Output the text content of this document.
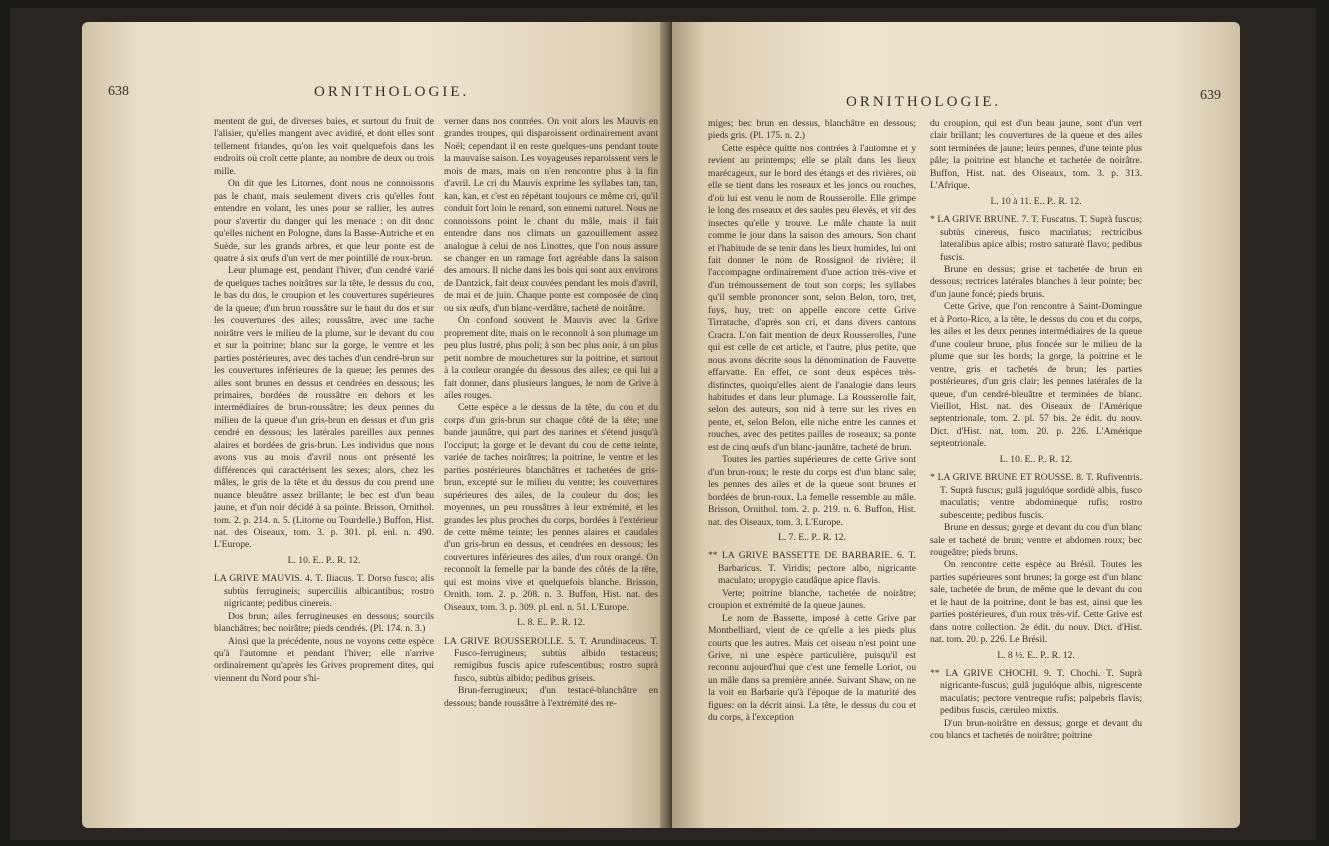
638	ORNITHOLOGIE.

mentent de gui, de diverses baies, et surtout du fruit de l'alisier, qu'elles mangent avec avidité, et dont elles sont tellement friandes, qu'on les voit quelquefois dans les endroits où croît cette plante, au nombre de deux ou trois mille.

On dit que les Litornes, dont nous ne connoissons pas le chant, mais seulement divers cris qu'elles font entendre en volant, les unes pour se rallier, les autres pour s'avertir du danger qui les menace : on dit donc qu'elles nichent en Pologne, dans la Basse-Autriche et en Suède, sur les grands arbres, et que leur ponte est de quatre à six œufs d'un vert de mer pointillé de roux-brun.

Leur plumage est, pendant l'hiver, d'un cendré varié de quelques taches noirâtres sur la tête, le dessus du cou, le bas du dos, le croupion et les couvertures supérieures de la queue; d'un brun roussâtre sur le haut du dos et sur les couvertures des ailes; roussâtre, avec une tache noirâtre vers le milieu de la plume, sur le devant du cou et sur la poitrine; blanc sur la gorge, le ventre et les parties postérieures, avec des taches d'un cendré-brun sur les couvertures inférieures de la queue; les pennes des ailes sont brunes en dessus et cendrées en dessous; les primaires, bordées de roussâtre en dehors et les intermédiaires de brun-roussâtre; les deux pennes du milieu de la queue d'un gris-brun en dessus et d'un gris cendré en dessous; les latérales pareilles aux pennes alaires et bordées de gris-brun. Les individus que nous avons vus au mois d'avril nous ont présenté les différences qui caractérisent les sexes; alors, chez les mâles, le gris de la tête et du dessus du cou prend une nuance bleuâtre assez brillante; le bec est d'un beau jaune, et d'un noir décidé à sa pointe. Brisson, Ornithol. tom. 2. p. 214. n. 5. (Litorne ou Tourdelle.) Buffon, Hist. nat. des Oiseaux, tom. 3. p. 301. pl. enl. n. 490. L'Europe.

L. 10. E.. P.. R. 12.

LA GRIVE MAUVIS. 4. T. Iliacus. T. Dorso fusco; alis subtùs ferrugineis; superciliis albicantibus; rostro nigricante; pedibus cinereis.

Dos brun; ailes ferrugineuses en dessous; sourcils blanchâtres; bec noirâtre; pieds cendrés. (Pl. 174. n. 3.)

Ainsi que la précédente, nous ne voyons cette espèce qu'à l'automne et pendant l'hiver; elle n'arrive ordinairement qu'après les Grives proprement dites, qui viennent du Nord pour s'hi-

verner dans nos contrées. On voit alors les Mauvis en grandes troupes, qui disparoissent ordinairement avant Noël; cependant il en reste quelques-uns pendant toute la mauvaise saison. Les voyageuses reparoissent vers le mois de mars, mais on n'en rencontre plus à la fin d'avril. Le cri du Mauvis exprime les syllabes tan, tan, kan, kan, et c'est en répétant toujours ce même cri, qu'il conduit fort loin le renard, son ennemi naturel. Nous ne connoissons point le chant du mâle, mais il fait entendre dans nos climats un gazouillement assez analogue à celui de nos Linottes, que l'on nous assure se changer en un ramage fort agréable dans la saison des amours. Il niche dans les bois qui sont aux environs de Dantzick, fait deux couvées pendant les mois d'avril, de mai et de juin. Chaque ponte est composée de cinq ou six œufs, d'un blanc-verdâtre, tacheté de noirâtre.

On confond souvent le Mauvis avec la Grive proprement dite, mais on le reconnoît à son plumage un peu plus lustré, plus poli; à son bec plus noir, à un plus petit nombre de mouchetures sur la poitrine, et surtout à la couleur orangée du dessous des ailes; ce qui lui a fait donner, dans plusieurs langues, le nom de Grive à ailes rouges.

Cette espèce a le dessus de la tête, du cou et du corps d'un gris-brun sur chaque côté de la tête; une bande jaunâtre, qui part des narines et s'étend jusqu'à l'occiput; la gorge et le devant du cou de cette teinte, variée de taches noirâtres; la poitrine, le ventre et les parties postérieures blanchâtres et tachetées de gris-brun, excepté sur le milieu du ventre; les couvertures supérieures des ailes, de la couleur du dos; les moyennes, un peu roussâtres à leur extrémité, et les grandes les plus proches du corps, bordées à l'extérieur de cette même teinte; les pennes alaires et caudales d'un gris-brun en dessus, et cendrées en dessous; les couvertures inférieures des ailes, d'un roux orangé. On reconnoît la femelle par la bande des côtés de la tête, qui est moins vive et quelquefois blanche. Brisson, Ornith. tom. 2. p. 208. n. 3. Buffon, Hist. nat. des Oiseaux, tom. 3. p. 309. pl. enl. n. 51. L'Europe.

L. 8. E.. P.. R. 12.

LA GRIVE ROUSSEROLLE. 5. T. Arundinaceus. T. Fusco-ferrugineus; subtùs albido testaceus; remigibus fuscis apice rufescentibus; rostro suprà fusco, subtùs albido; pedibus griseis.

Brun-ferrugineux; d'un testacé-blanchâtre en dessous; bande roussâtre à l'extrémité des re-

ORNITHOLOGIE.	639

miges; bec brun en dessus, blanchâtre en dessous; pieds gris. (Pl. 175. n. 2.)

Cette espèce quitte nos contrées à l'automne et y revient au printemps; elle se plaît dans les lieux marécageux, sur le bord des étangs et des rivières, où elle se tient dans les roseaux et les joncs ou rouches, d'où lui est venu le nom de Rousserolle. Elle grimpe le long des roseaux et des saules peu élevés, et vit des insectes qu'elle y trouve. Le mâle chante la nuit comme le jour dans la saison des amours. Son chant et l'habitude de se tenir dans les lieux humides, lui ont fait donner le nom de Rossignol de rivière; il l'accompagne ordinairement d'une action très-vive et d'un trémoussement de tout son corps; les syllabes qu'il semble prononcer sont, selon Belon, toro, tret, fuys, huy, tret: on appelle encore cette Grive Tirratache, d'après son cri, et dans divers cantons Cracra. L'on fait mention de deux Rousserolles, l'une qui est celle de cet article, et l'autre, plus petite, que nous avons décrite sous la dénomination de Fauvette effarvatte. En effet, ce sont deux espèces très-distinctes, quoiqu'elles aient de l'analogie dans leurs habitudes et dans leur plumage. La Rousserolle fait, selon des auteurs, son nid à terre sur les rives en pente, et, selon Belon, elle niche entre les cannes et rouches, avec des petites pailles de roseaux; sa ponte est de cinq œufs d'un blanc-jaunâtre, tacheté de brun.

Toutes les parties supérieures de cette Grive sont d'un brun-roux; le reste du corps est d'un blanc sale; les pennes des ailes et de la queue sont brunes et bordées de brun-roux. La femelle ressemble au mâle. Brisson, Ornithol. tom. 2. p. 219. n. 6. Buffon, Hist. nat. des Oiseaux, tom. 3. L'Europe.

L. 7. E.. P.. R. 12.

** LA GRIVE BASSETTE DE BARBARIE. 6. T. Barbaricus. T. Viridis; pectore albo, nigricante maculato; uropygio caudâque apice flavis.

Verte; poitrine blanche, tachetée de noirâtre; croupion et extrémité de la queue jaunes.

Le nom de Bassette, imposé à cette Grive par Montbelliard, vient de ce qu'elle a les pieds plus courts que les autres. Mais cet oiseau n'est point une Grive, ni une espèce particulière, puisqu'il est reconnu aujourd'hui que c'est une femelle Loriot, ou un mâle dans sa première année. Suivant Shaw, on ne la voit en Barbarie qu'à l'époque de la maturité des figues: on la décrit ainsi. La tête, le dessus du cou et du corps, à l'exception

du croupion, qui est d'un beau jaune, sont d'un vert clair brillant; les couvertures de la queue et des ailes sont terminées de jaune; leurs pennes, d'une teinte plus pâle; la poitrine est blanche et tachetée de noirâtre. Buffon, Hist. nat. des Oiseaux, tom. 3. p. 313. L'Afrique.

L. 10 à 11. E.. P.. R. 12.

* LA GRIVE BRUNE. 7. T. Fuscatus. T. Suprà fuscus; subtùs cinereus, fusco maculatus; rectricibus lateralibus apice albis; rostro saturatè flavo; pedibus fuscis.

Brune en dessus; grise et tachetée de brun en dessous; rectrices latérales blanches à leur pointe; bec d'un jaune foncé; pieds bruns.

Cette Grive, que l'on rencontre à Saint-Domingue et à Porto-Rico, a la tête, le dessus du cou et du corps, les ailes et les deux pennes intermédiaires de la queue d'une couleur brune, plus foncée sur le milieu de la plume que sur les bords; la gorge, la poitrine et le ventre, gris et tachetés de brun; les parties postérieures, d'un gris clair; les pennes latérales de la queue, d'un cendré-bleuâtre et terminées de blanc. Vieillot, Hist. nat. des Oiseaux de l'Amérique septentrionale, tom. 2. pl. 57 bis. 2e édit. du nouv. Dict. d'Hist. nat. tom. 20. p. 226. L'Amérique septentrionale.

L. 10. E.. P.. R. 12.

* LA GRIVE BRUNE ET ROUSSE. 8. T. Rufiventris. T. Suprà fuscus; gulâ jugulóque sordidè albis, fusco maculatis; ventre abdomineque rufis; rostro subescente; pedibus fuscis.

Brune en dessus; gorge et devant du cou d'un blanc sale et tacheté de brun; ventre et abdomen roux; bec rougeâtre; pieds bruns.

On rencontre cette espèce au Brésil. Toutes les parties supérieures sont brunes; la gorge est d'un blanc sale, tachetée de brun, de même que le devant du cou et le haut de la poitrine, dont le bas est, ainsi que les parties postérieures, d'un roux très-vif. Cette Grive est dans notre collection. 2e édit. du nouv. Dict. d'Hist. nat. tom. 20. p. 226. Le Brésil.

L. 8 ½. E.. P.. R. 12.

** LA GRIVE CHOCHI. 9. T. Chochi. T. Suprà nigricante-fuscus; gulâ jugulóque albis, nigrescente maculatis; pectore ventreque rufis; palpebris flavis; pedibus fuscis, cæruleo mixtis.

D'un brun-noirâtre en dessus; gorge et devant du cou blancs et tachetés de noirâtre; poitrine
